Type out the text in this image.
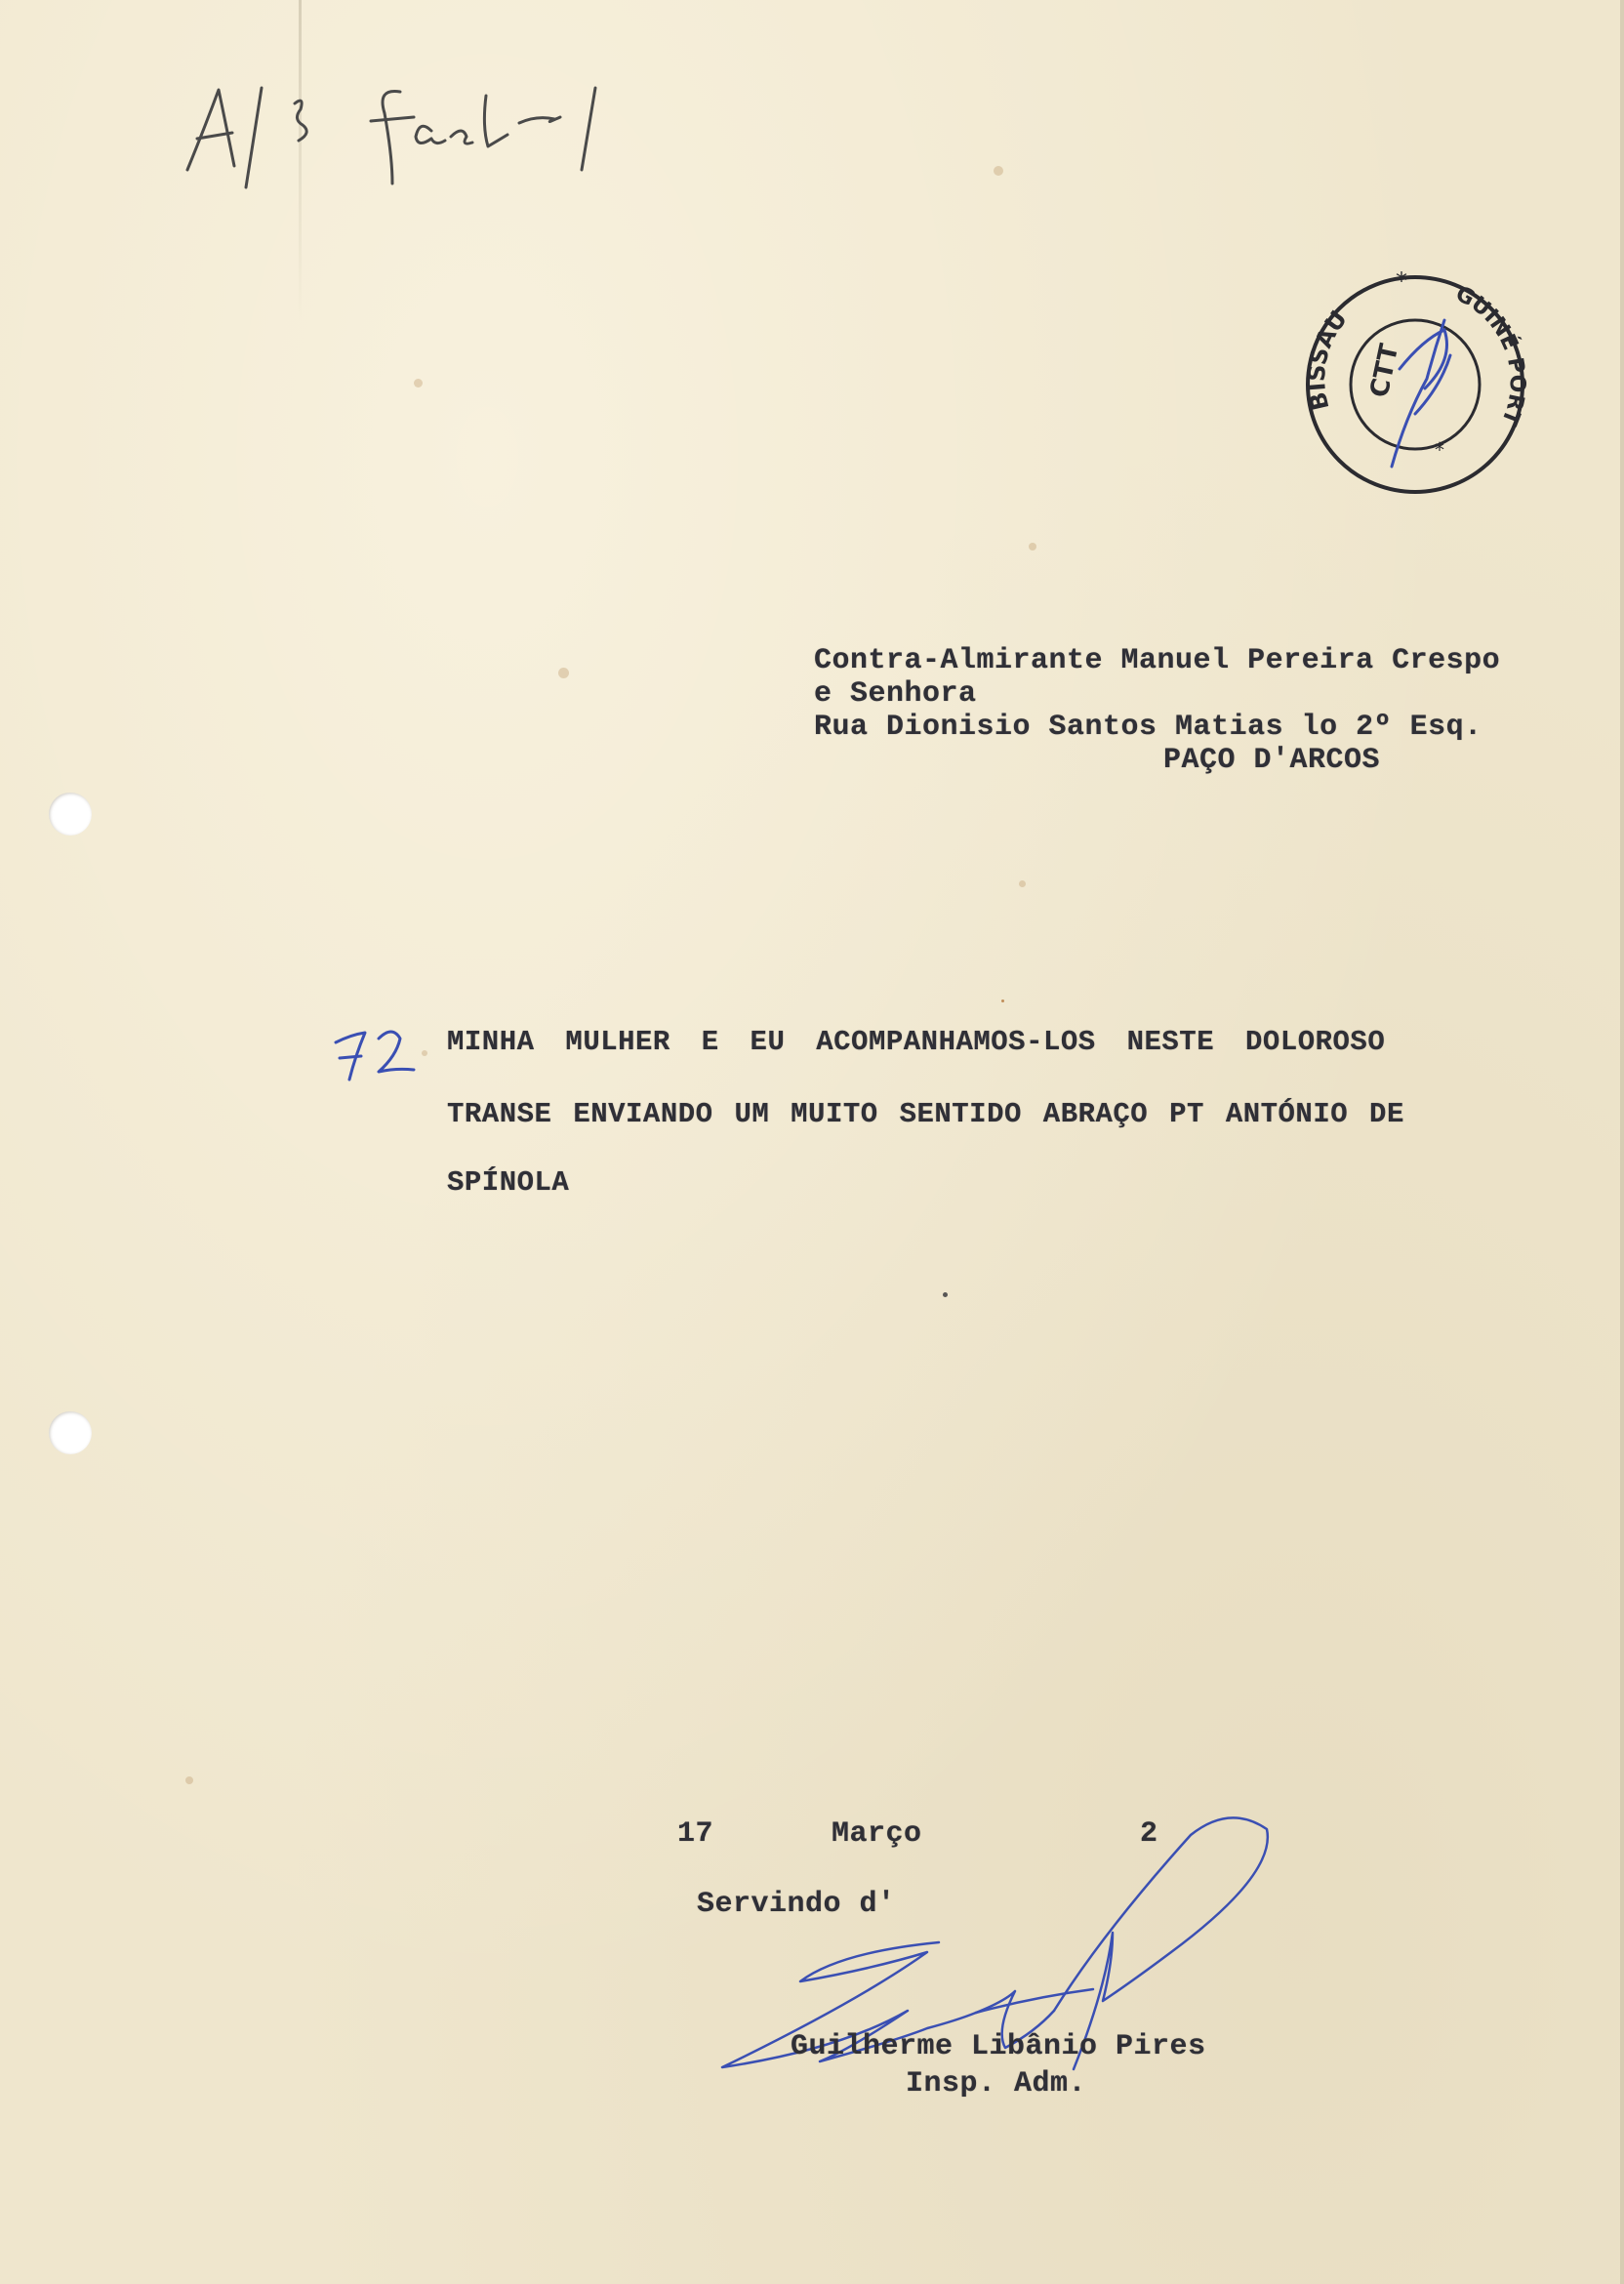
BISSAU
GUINÉ PORT
CTT
*
*
Contra-Almirante Manuel Pereira Crespo
e Senhora
Rua Dionisio Santos Matias lo 2º Esq.
PAÇO D'ARCOS
MINHA MULHER E EU ACOMPANHAMOS-LOS NESTE DOLOROSO
TRANSE ENVIANDO UM MUITO SENTIDO ABRAÇO PT ANTÓNIO DE
SPÍNOLA
17	Março	2
Servindo d'
Guilherme Libânio Pires
Insp. Adm.
